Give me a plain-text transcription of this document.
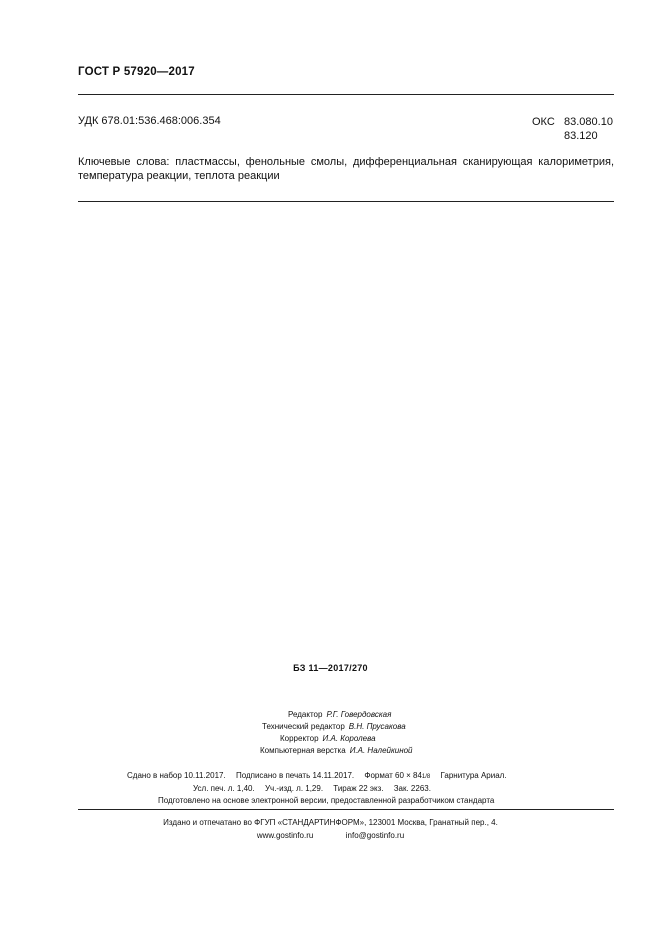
ГОСТ Р 57920—2017
УДК 678.01:536.468:006.354	ОКС 83.080.10
83.120
Ключевые слова: пластмассы, фенольные смолы, дифференциальная сканирующая калориметрия, температура реакции, теплота реакции
БЗ 11—2017/270
Редактор Р.Г. Говердовская
Технический редактор В.Н. Прусакова
Корректор И.А. Королева
Компьютерная верстка И.А. Налейкиной
Сдано в набор 10.11.2017. Подписано в печать 14.11.2017. Формат 60 × 841/8 Гарнитура Ариал.
Усл. печ. л. 1,40. Уч.-изд. л. 1,29. Тираж 22 экз. Зак. 2263.
Подготовлено на основе электронной версии, предоставленной разработчиком стандарта
Издано и отпечатано во ФГУП «СТАНДАРТИНФОРМ», 123001 Москва, Гранатный пер., 4.
www.gostinfo.ru	info@gostinfo.ru
